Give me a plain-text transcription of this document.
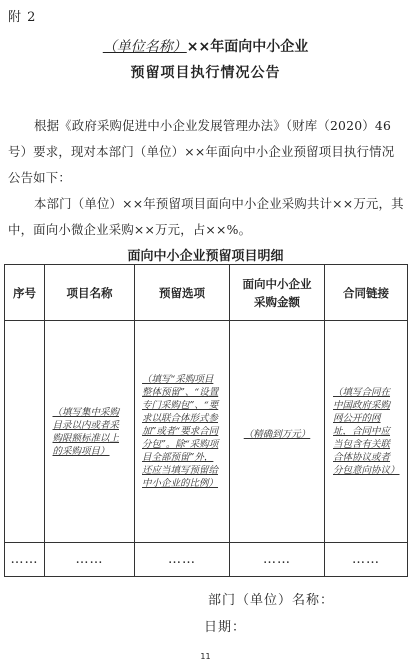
附 2
（单位名称）××年面向中小企业
预留项目执行情况公告
根据《政府采购促进中小企业发展管理办法》（财库（2020）46号）要求，现对本部门（单位）××年面向中小企业预留项目执行情况公告如下：
本部门（单位）××年预留项目面向中小企业采购共计××万元，其中，面向小微企业采购××万元，占××%。
面向中小企业预留项目明细
序号	项目名称	预留选项	面向中小企业采购金额	合同链接
	（填写集中采购目录以内或者采购限额标准以上的采购项目）	（填写“采购项目整体预留”、“设置专门采购包”、“要求以联合体形式参加”或者“要求合同分包”。除“采购项目全部预留”外，还应当填写预留给中小企业的比例）	（精确到万元）	（填写合同在中国政府采购网公开的网址，合同中应当包含有关联合体协议或者分包意向协议）
……	……	……	……	……
部门（单位）名称：
日期：
11
